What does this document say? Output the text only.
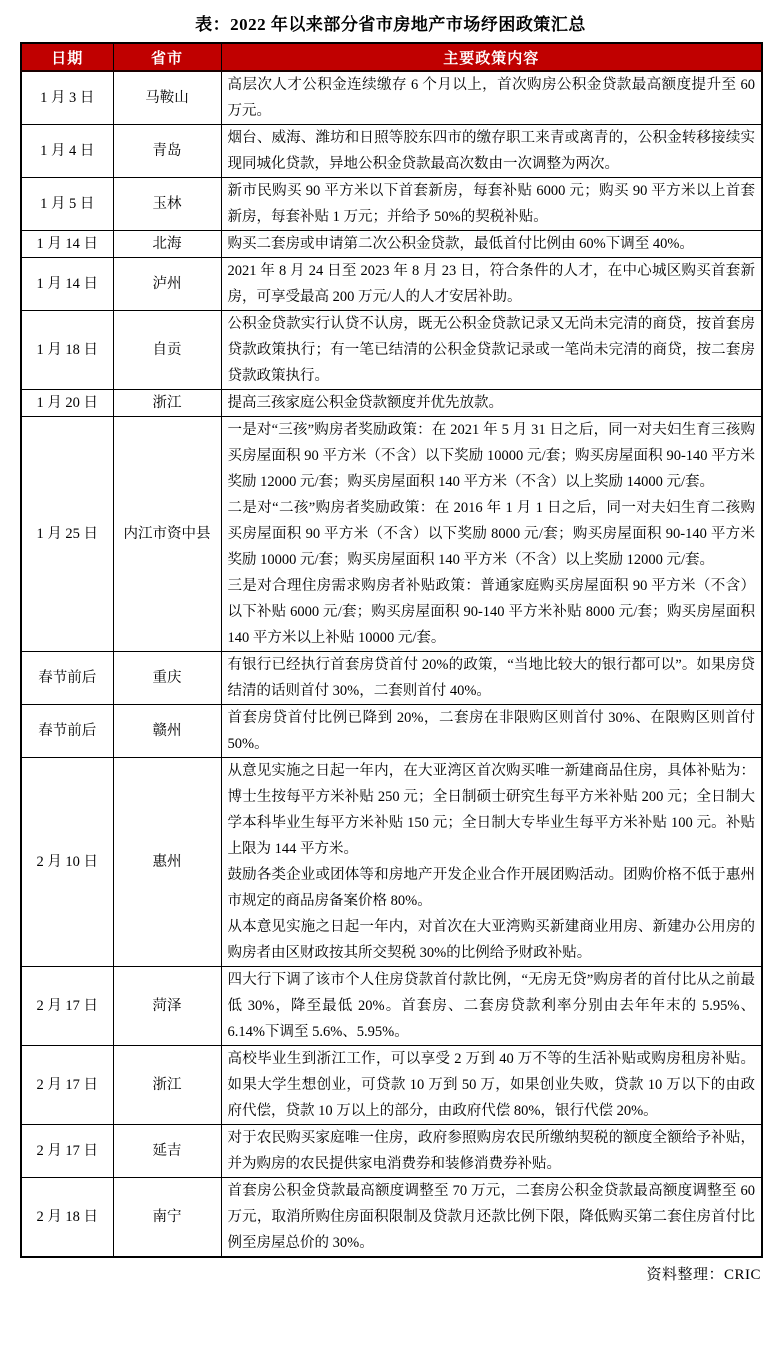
表：2022 年以来部分省市房地产市场纾困政策汇总
日期	省市	主要政策内容
1 月 3 日	马鞍山	高层次人才公积金连续缴存 6 个月以上，首次购房公积金贷款最高额度提升至 60 万元。

1 月 4 日	青岛	烟台、威海、潍坊和日照等胶东四市的缴存职工来青或离青的，公积金转移接续实现同城化贷款，异地公积金贷款最高次数由一次调整为两次。

1 月 5 日	玉林	新市民购买 90 平方米以下首套新房，每套补贴 6000 元；购买 90 平方米以上首套新房，每套补贴 1 万元；并给予 50%的契税补贴。

1 月 14 日	北海	购买二套房或申请第二次公积金贷款，最低首付比例由 60%下调至 40%。

1 月 14 日	泸州	2021 年 8 月 24 日至 2023 年 8 月 23 日，符合条件的人才，在中心城区购买首套新房，可享受最高 200 万元/人的人才安居补助。

1 月 18 日	自贡	公积金贷款实行认贷不认房，既无公积金贷款记录又无尚未完清的商贷，按首套房贷款政策执行；有一笔已结清的公积金贷款记录或一笔尚未完清的商贷，按二套房贷款政策执行。

1 月 20 日	浙江	提高三孩家庭公积金贷款额度并优先放款。

1 月 25 日	内江市资中县	一是对“三孩”购房者奖励政策：在 2021 年 5 月 31 日之后，同一对夫妇生育三孩购买房屋面积 90 平方米（不含）以下奖励 10000 元/套；购买房屋面积 90-140 平方米奖励 12000 元/套；购买房屋面积 140 平方米（不含）以上奖励 14000 元/套。

二是对“二孩”购房者奖励政策：在 2016 年 1 月 1 日之后，同一对夫妇生育二孩购买房屋面积 90 平方米（不含）以下奖励 8000 元/套；购买房屋面积 90-140 平方米奖励 10000 元/套；购买房屋面积 140 平方米（不含）以上奖励 12000 元/套。

三是对合理住房需求购房者补贴政策：普通家庭购买房屋面积 90 平方米（不含）以下补贴 6000 元/套；购买房屋面积 90-140 平方米补贴 8000 元/套；购买房屋面积 140 平方米以上补贴 10000 元/套。

春节前后	重庆	有银行已经执行首套房贷首付 20%的政策，“当地比较大的银行都可以”。如果房贷结清的话则首付 30%，二套则首付 40%。

春节前后	赣州	首套房贷首付比例已降到 20%，二套房在非限购区则首付 30%、在限购区则首付 50%。

2 月 10 日	惠州	从意见实施之日起一年内，在大亚湾区首次购买唯一新建商品住房，具体补贴为：博士生按每平方米补贴 250 元；全日制硕士研究生每平方米补贴 200 元；全日制大学本科毕业生每平方米补贴 150 元；全日制大专毕业生每平方米补贴 100 元。补贴上限为 144 平方米。

鼓励各类企业或团体等和房地产开发企业合作开展团购活动。团购价格不低于惠州市规定的商品房备案价格 80%。

从本意见实施之日起一年内，对首次在大亚湾购买新建商业用房、新建办公用房的购房者由区财政按其所交契税 30%的比例给予财政补贴。

2 月 17 日	菏泽	四大行下调了该市个人住房贷款首付款比例，“无房无贷”购房者的首付比从之前最低 30%，降至最低 20%。首套房、二套房贷款利率分别由去年年末的 5.95%、6.14%下调至 5.6%、5.95%。

2 月 17 日	浙江	高校毕业生到浙江工作，可以享受 2 万到 40 万不等的生活补贴或购房租房补贴。如果大学生想创业，可贷款 10 万到 50 万，如果创业失败，贷款 10 万以下的由政府代偿，贷款 10 万以上的部分，由政府代偿 80%，银行代偿 20%。

2 月 17 日	延吉	对于农民购买家庭唯一住房，政府参照购房农民所缴纳契税的额度全额给予补贴，并为购房的农民提供家电消费券和装修消费券补贴。

2 月 18 日	南宁	首套房公积金贷款最高额度调整至 70 万元，二套房公积金贷款最高额度调整至 60 万元，取消所购住房面积限制及贷款月还款比例下限，降低购买第二套住房首付比例至房屋总价的 30%。

资料整理：CRIC
